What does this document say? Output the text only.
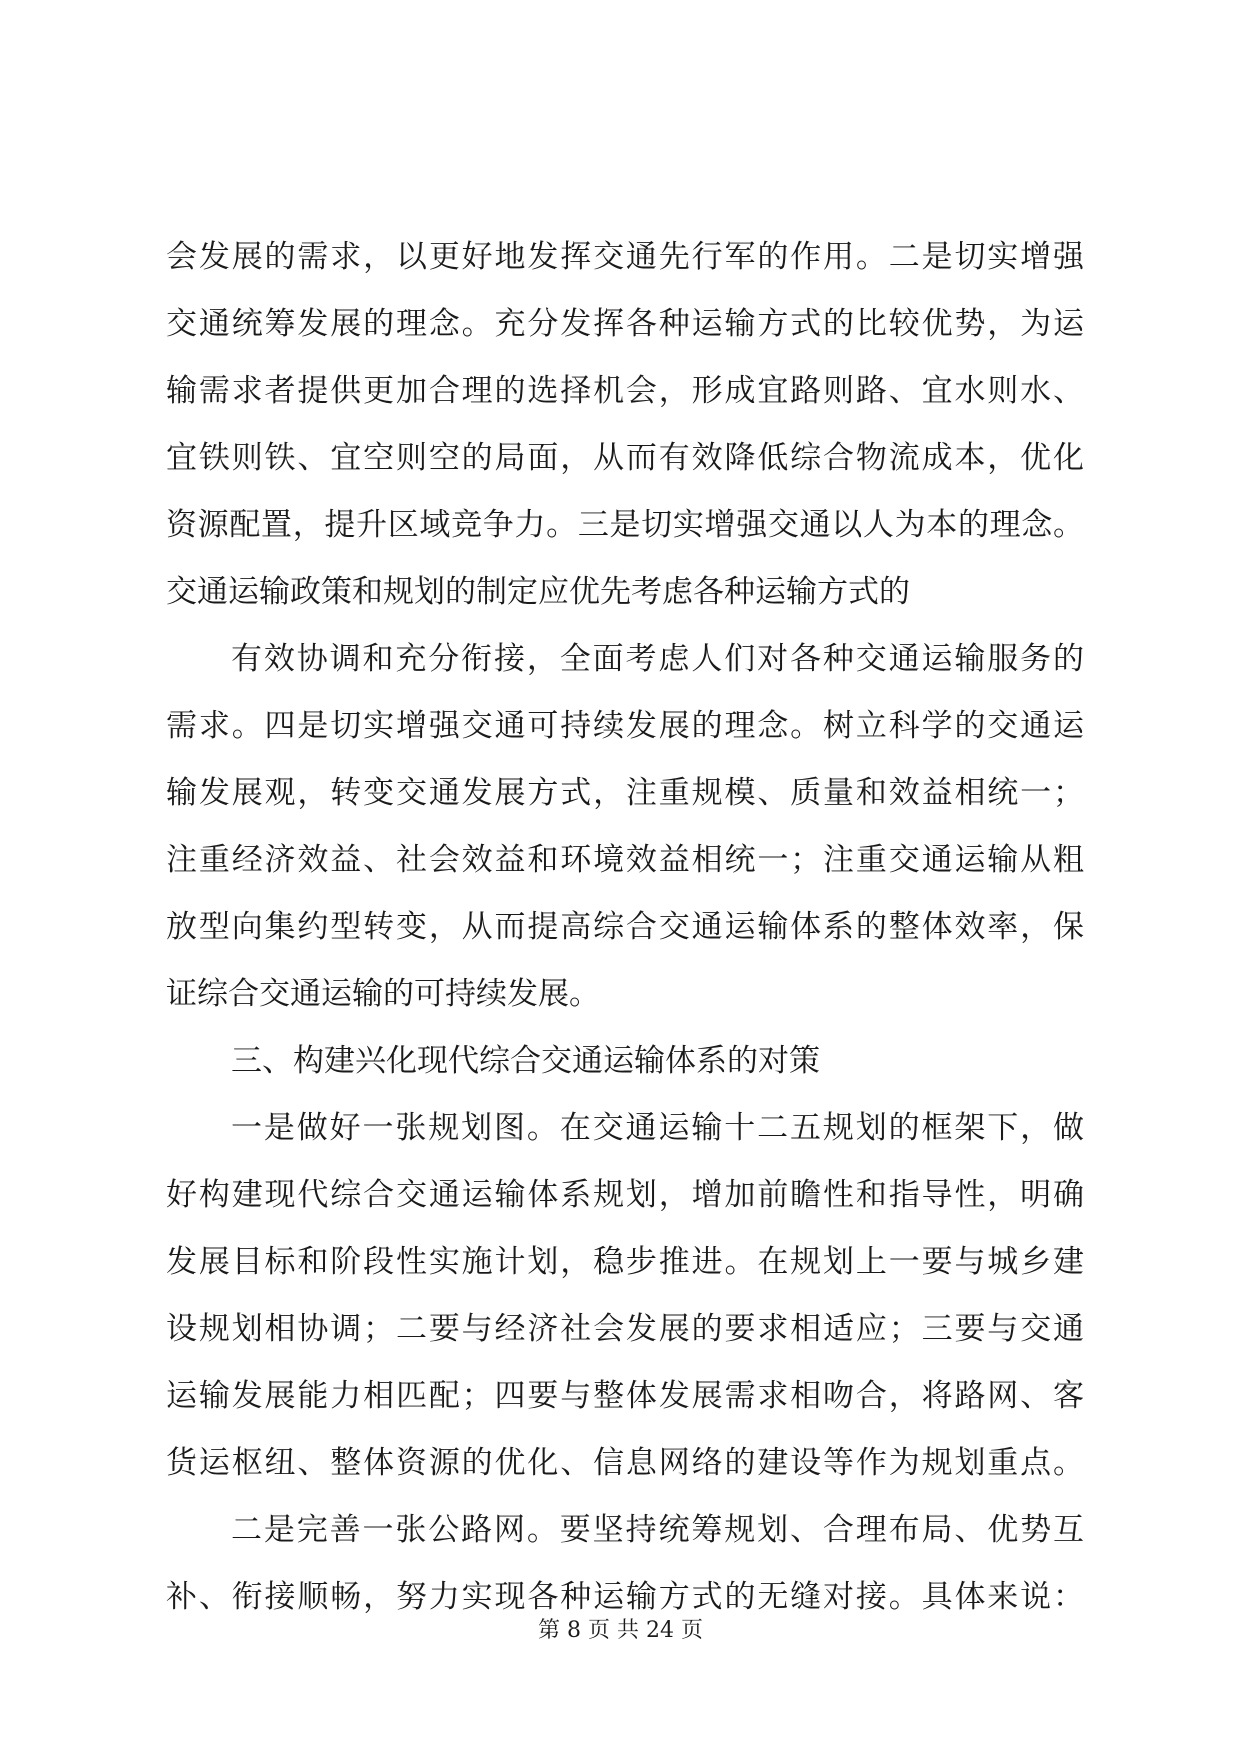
会发展的需求，以更好地发挥交通先行军的作用。二是切实增强
交通统筹发展的理念。充分发挥各种运输方式的比较优势，为运
输需求者提供更加合理的选择机会，形成宜路则路、宜水则水、
宜铁则铁、宜空则空的局面，从而有效降低综合物流成本，优化
资源配置，提升区域竞争力。三是切实增强交通以人为本的理念。
交通运输政策和规划的制定应优先考虑各种运输方式的
有效协调和充分衔接，全面考虑人们对各种交通运输服务的
需求。四是切实增强交通可持续发展的理念。树立科学的交通运
输发展观，转变交通发展方式，注重规模、质量和效益相统一；
注重经济效益、社会效益和环境效益相统一；注重交通运输从粗
放型向集约型转变，从而提高综合交通运输体系的整体效率，保
证综合交通运输的可持续发展。
三、构建兴化现代综合交通运输体系的对策
一是做好一张规划图。在交通运输十二五规划的框架下，做
好构建现代综合交通运输体系规划，增加前瞻性和指导性，明确
发展目标和阶段性实施计划，稳步推进。在规划上一要与城乡建
设规划相协调；二要与经济社会发展的要求相适应；三要与交通
运输发展能力相匹配；四要与整体发展需求相吻合，将路网、客
货运枢纽、整体资源的优化、信息网络的建设等作为规划重点。
二是完善一张公路网。要坚持统筹规划、合理布局、优势互
补、衔接顺畅，努力实现各种运输方式的无缝对接。具体来说：
第 8 页 共 24 页
